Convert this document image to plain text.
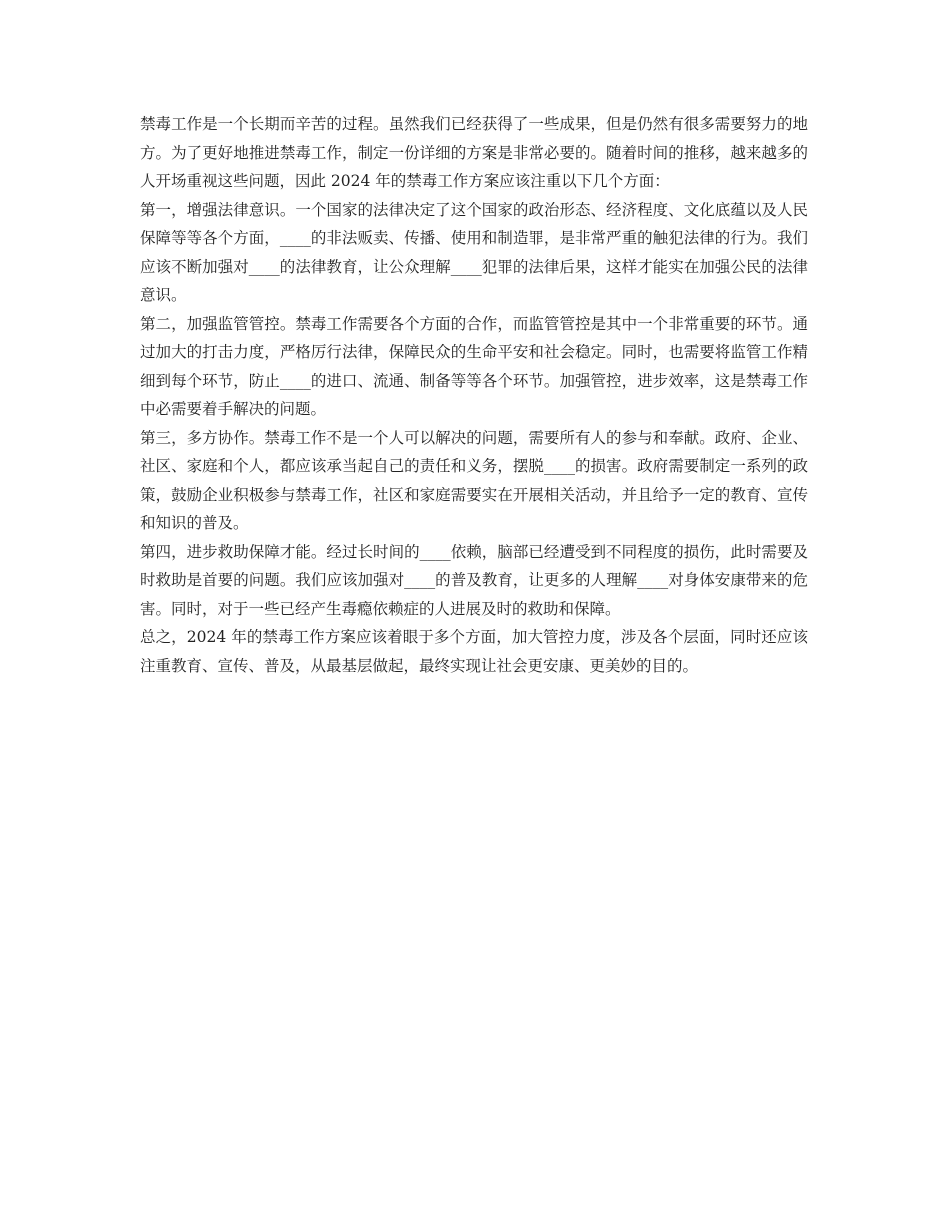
禁毒工作是一个长期而辛苦的过程。虽然我们已经获得了一些成果，但是仍然有很多需要努力的地方。为了更好地推进禁毒工作，制定一份详细的方案是非常必要的。随着时间的推移，越来越多的人开场重视这些问题，因此 2024 年的禁毒工作方案应该注重以下几个方面：

第一，增强法律意识。一个国家的法律决定了这个国家的政治形态、经济程度、文化底蕴以及人民保障等等各个方面，____的非法贩卖、传播、使用和制造罪，是非常严重的触犯法律的行为。我们应该不断加强对____的法律教育，让公众理解____犯罪的法律后果，这样才能实在加强公民的法律意识。

第二，加强监管管控。禁毒工作需要各个方面的合作，而监管管控是其中一个非常重要的环节。通过加大的打击力度，严格厉行法律，保障民众的生命平安和社会稳定。同时，也需要将监管工作精细到每个环节，防止____的进口、流通、制备等等各个环节。加强管控，进步效率，这是禁毒工作中必需要着手解决的问题。

第三，多方协作。禁毒工作不是一个人可以解决的问题，需要所有人的参与和奉献。政府、企业、社区、家庭和个人，都应该承当起自己的责任和义务，摆脱____的损害。政府需要制定一系列的政策，鼓励企业积极参与禁毒工作，社区和家庭需要实在开展相关活动，并且给予一定的教育、宣传和知识的普及。

第四，进步救助保障才能。经过长时间的____依赖，脑部已经遭受到不同程度的损伤，此时需要及时救助是首要的问题。我们应该加强对____的普及教育，让更多的人理解____对身体安康带来的危害。同时，对于一些已经产生毒瘾依赖症的人进展及时的救助和保障。

总之，2024 年的禁毒工作方案应该着眼于多个方面，加大管控力度，涉及各个层面，同时还应该注重教育、宣传、普及，从最基层做起，最终实现让社会更安康、更美妙的目的。
